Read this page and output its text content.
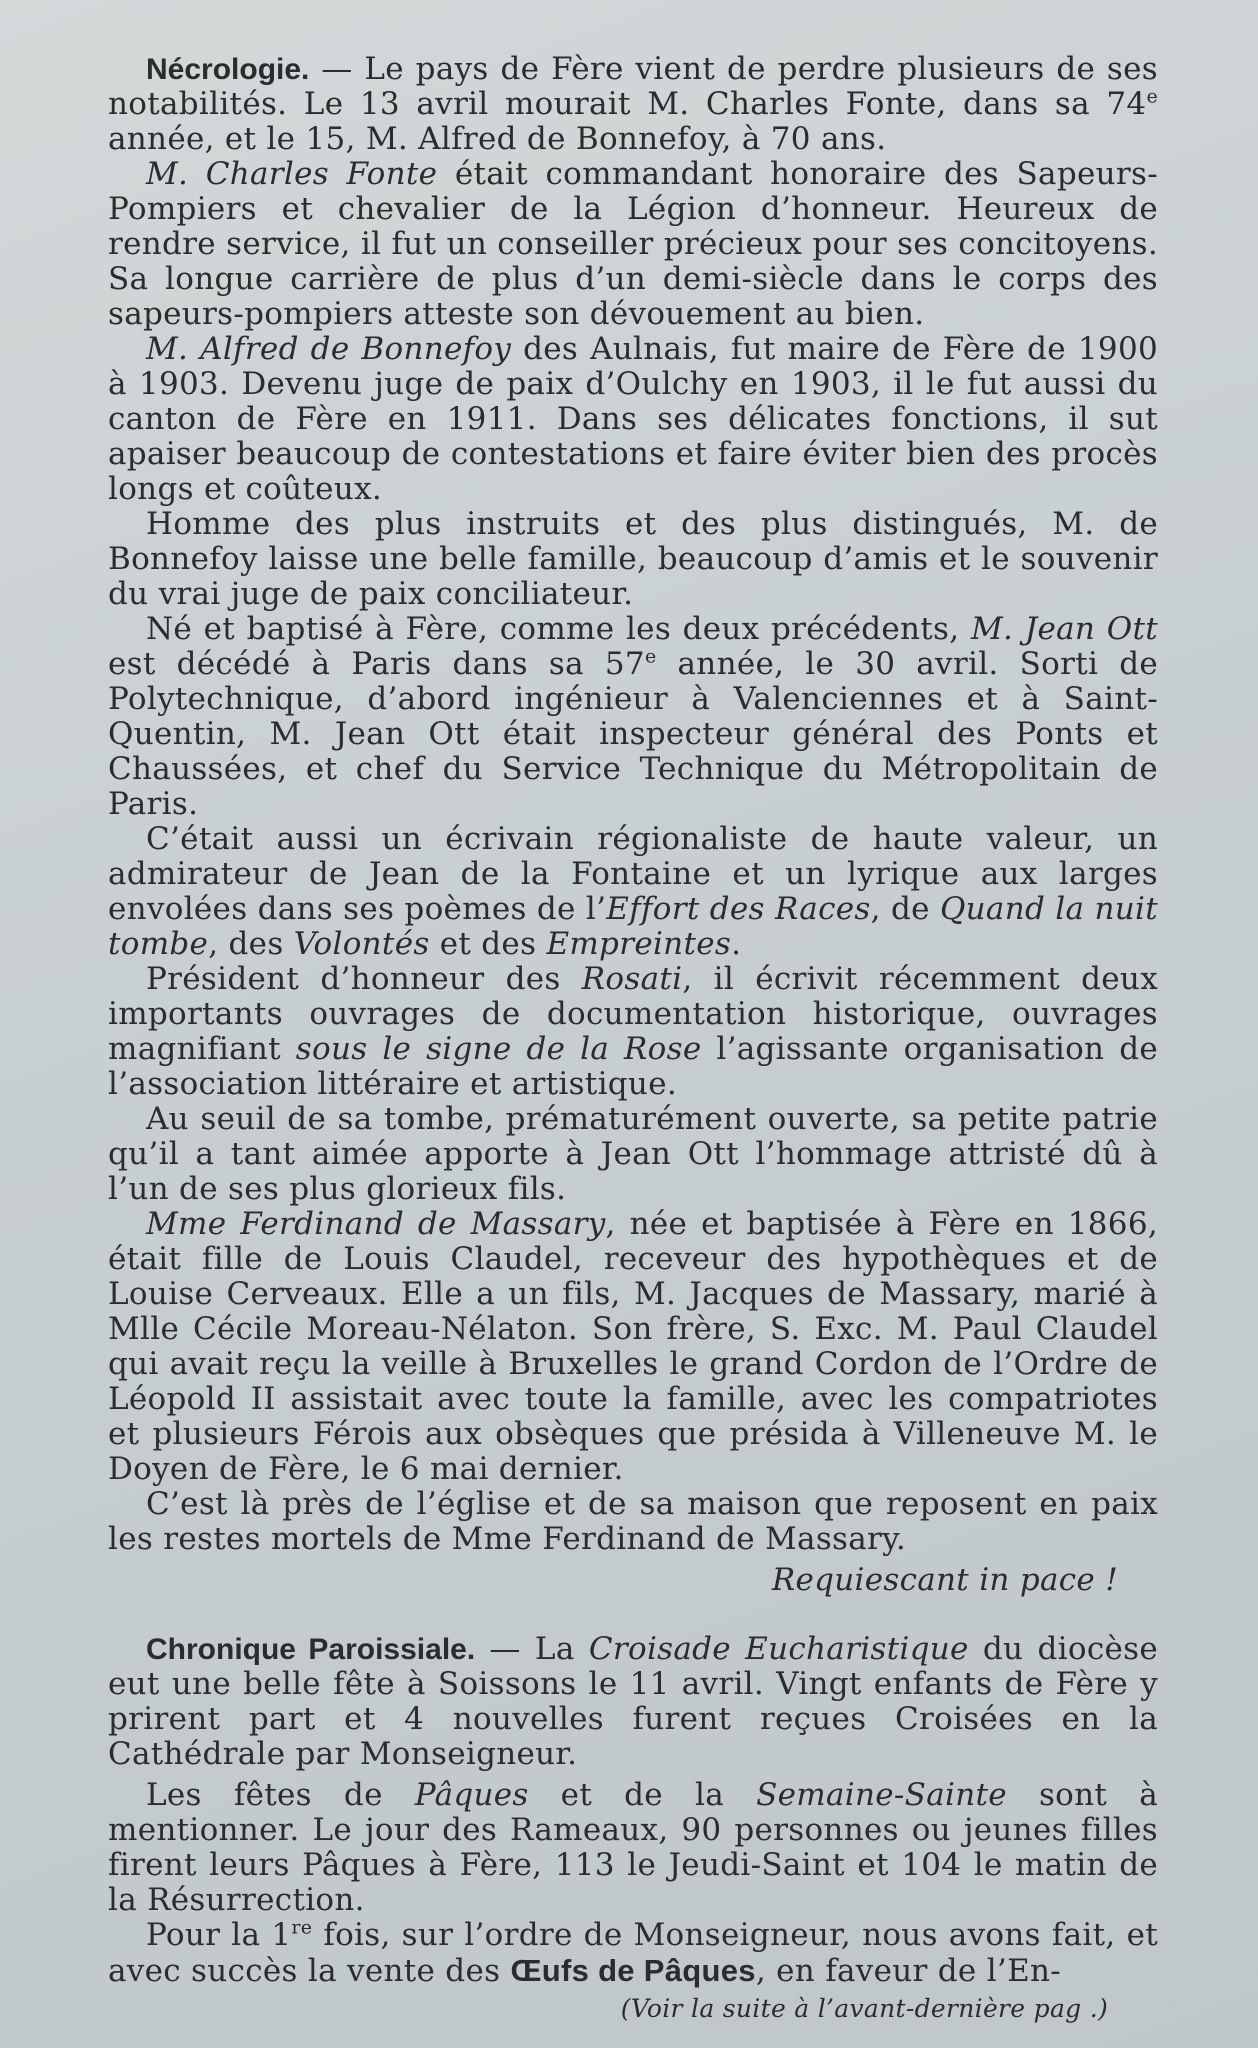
Nécrologie. — Le pays de Fère vient de perdre plusieurs de ses notabilités. Le 13 avril mourait M. Charles Fonte, dans sa 74e année, et le 15, M. Alfred de Bonnefoy, à 70 ans.

M. Charles Fonte était commandant honoraire des Sapeurs-Pompiers et chevalier de la Légion d’honneur. Heureux de rendre service, il fut un conseiller précieux pour ses concitoyens. Sa longue carrière de plus d’un demi-siècle dans le corps des sapeurs-pompiers atteste son dévouement au bien.

M. Alfred de Bonnefoy des Aulnais, fut maire de Fère de 1900 à 1903. Devenu juge de paix d’Oulchy en 1903, il le fut aussi du canton de Fère en 1911. Dans ses délicates fonctions, il sut apaiser beaucoup de contestations et faire éviter bien des procès longs et coûteux.

Homme des plus instruits et des plus distingués, M. de Bonnefoy laisse une belle famille, beaucoup d’amis et le souvenir du vrai juge de paix conciliateur.

Né et baptisé à Fère, comme les deux précédents, M. Jean Ott est décédé à Paris dans sa 57e année, le 30 avril. Sorti de Polytechnique, d’abord ingénieur à Valenciennes et à Saint-Quentin, M. Jean Ott était inspecteur général des Ponts et Chaussées, et chef du Service Technique du Métropolitain de Paris.

C’était aussi un écrivain régionaliste de haute valeur, un admirateur de Jean de la Fontaine et un lyrique aux larges envolées dans ses poèmes de l’Effort des Races, de Quand la nuit tombe, des Volontés et des Empreintes.

Président d’honneur des Rosati, il écrivit récemment deux importants ouvrages de documentation historique, ouvrages magnifiant sous le signe de la Rose l’agissante organisation de l’association littéraire et artistique.

Au seuil de sa tombe, prématurément ouverte, sa petite patrie qu’il a tant aimée apporte à Jean Ott l’hommage attristé dû à l’un de ses plus glorieux fils.

Mme Ferdinand de Massary, née et baptisée à Fère en 1866, était fille de Louis Claudel, receveur des hypothèques et de Louise Cerveaux. Elle a un fils, M. Jacques de Massary, marié à Mlle Cécile Moreau-Nélaton. Son frère, S. Exc. M. Paul Claudel qui avait reçu la veille à Bruxelles le grand Cordon de l’Ordre de Léopold II assistait avec toute la famille, avec les compatriotes et plusieurs Férois aux obsèques que présida à Villeneuve M. le Doyen de Fère, le 6 mai dernier.

C’est là près de l’église et de sa maison que reposent en paix les restes mortels de Mme Ferdinand de Massary.

Requiescant in pace !

Chronique Paroissiale. — La Croisade Eucharistique du diocèse eut une belle fête à Soissons le 11 avril. Vingt enfants de Fère y prirent part et 4 nouvelles furent reçues Croisées en la Cathédrale par Monseigneur.

Les fêtes de Pâques et de la Semaine-Sainte sont à mentionner. Le jour des Rameaux, 90 personnes ou jeunes filles firent leurs Pâques à Fère, 113 le Jeudi-Saint et 104 le matin de la Résurrection.

Pour la 1re fois, sur l’ordre de Monseigneur, nous avons fait, et avec succès la vente des Œufs de Pâques, en faveur de l’En-

(Voir la suite à l’avant-dernière pag .)
